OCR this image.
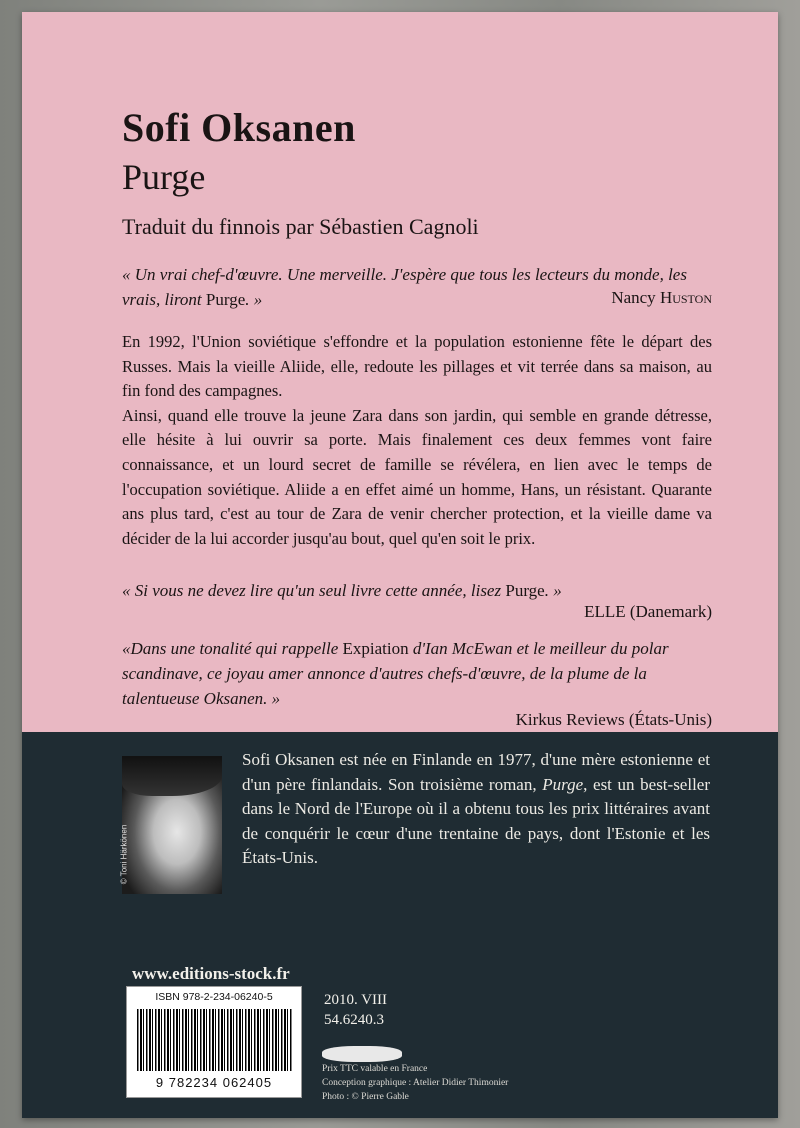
Sofi Oksanen
Purge
Traduit du finnois par Sébastien Cagnoli

« Un vrai chef-d'œuvre. Une merveille. J'espère que tous les lecteurs du monde, les vrais, liront Purge. »	Nancy Huston

En 1992, l'Union soviétique s'effondre et la population estonienne fête le départ des Russes. Mais la vieille Aliide, elle, redoute les pillages et vit terrée dans sa maison, au fin fond des campagnes.

Ainsi, quand elle trouve la jeune Zara dans son jardin, qui semble en grande détresse, elle hésite à lui ouvrir sa porte. Mais finalement ces deux femmes vont faire connaissance, et un lourd secret de famille se révélera, en lien avec le temps de l'occupation soviétique. Aliide a en effet aimé un homme, Hans, un résistant. Quarante ans plus tard, c'est au tour de Zara de venir chercher protection, et la vieille dame va décider de la lui accorder jusqu'au bout, quel qu'en soit le prix.

« Si vous ne devez lire qu'un seul livre cette année, lisez Purge. »

ELLE (Danemark)

«Dans une tonalité qui rappelle Expiation d'Ian McEwan et le meilleur du polar scandinave, ce joyau amer annonce d'autres chefs-d'œuvre, de la plume de la talentueuse Oksanen. »

Kirkus Reviews (États-Unis)
© Toni Härkönen

Sofi Oksanen est née en Finlande en 1977, d'une mère estonienne et d'un père finlandais. Son troisième roman, Purge, est un best-seller dans le Nord de l'Europe où il a obtenu tous les prix littéraires avant de conquérir le cœur d'une trentaine de pays, dont l'Estonie et les États-Unis.

www.editions-stock.fr
ISBN 978-2-234-06240-5
9 782234 062405
2010. VIII
54.6240.3
Prix TTC valable en France
Conception graphique : Atelier Didier Thimonier
Photo : © Pierre Gable
